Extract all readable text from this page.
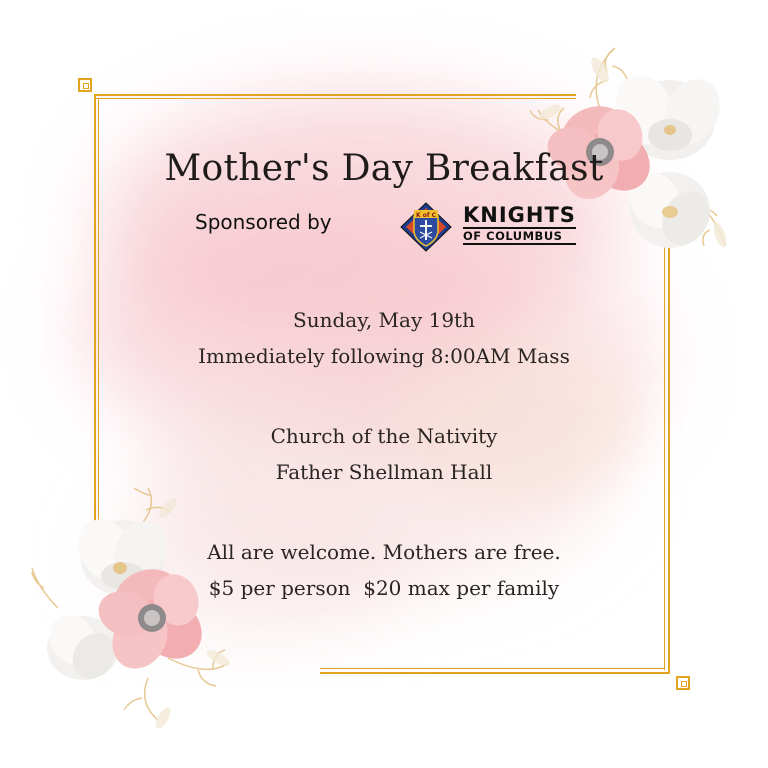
Mother's Day Breakfast
Sponsored by	K of C KNIGHTS
OF COLUMBUS
Sunday, May 19th
Immediately following 8:00AM Mass
Church of the Nativity
Father Shellman Hall
All are welcome. Mothers are free.
$5 per person  $20 max per family
